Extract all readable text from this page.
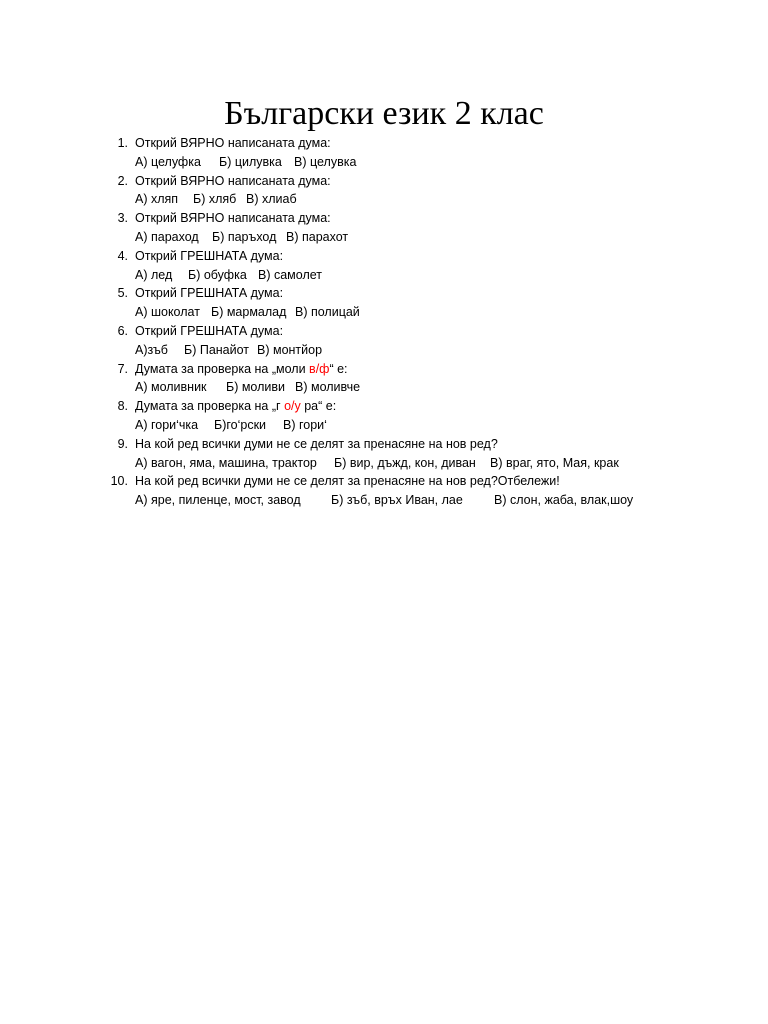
Български език 2 клас
1. Открий ВЯРНО написаната дума:
А) целуфка Б) цилувка В) целувка
2. Открий ВЯРНО написаната дума:
А) хляп Б) хляб В) хлиаб
3. Открий ВЯРНО написаната дума:
А) параход Б) паръход В) парахот
4. Открий ГРЕШНАТА дума:
А) лед Б) обуфка В) самолет
5. Открий ГРЕШНАТА дума:
А) шоколат Б) мармалад В) полицай
6. Открий ГРЕШНАТА дума:
А)зъб Б) Панайот В) монтйор
7. Думата за проверка на „моли в/ф“ е:
А) моливник Б) моливи В) моливче
8. Думата за проверка на „г о/у ра“ е:
А) гори‘чка Б)го‘рски В) гори‘
9. На кой ред всички думи не се делят за пренасяне на нов ред?
А) вагон, яма, машина, трактор Б) вир, дъжд, кон, диван В) враг, ято, Мая, крак
10. На кой ред всички думи не се делят за пренасяне на нов ред?Отбележи!
А) яре, пиленце, мост, завод Б) зъб, връх Иван, лае В) слон, жаба, влак,шоу
